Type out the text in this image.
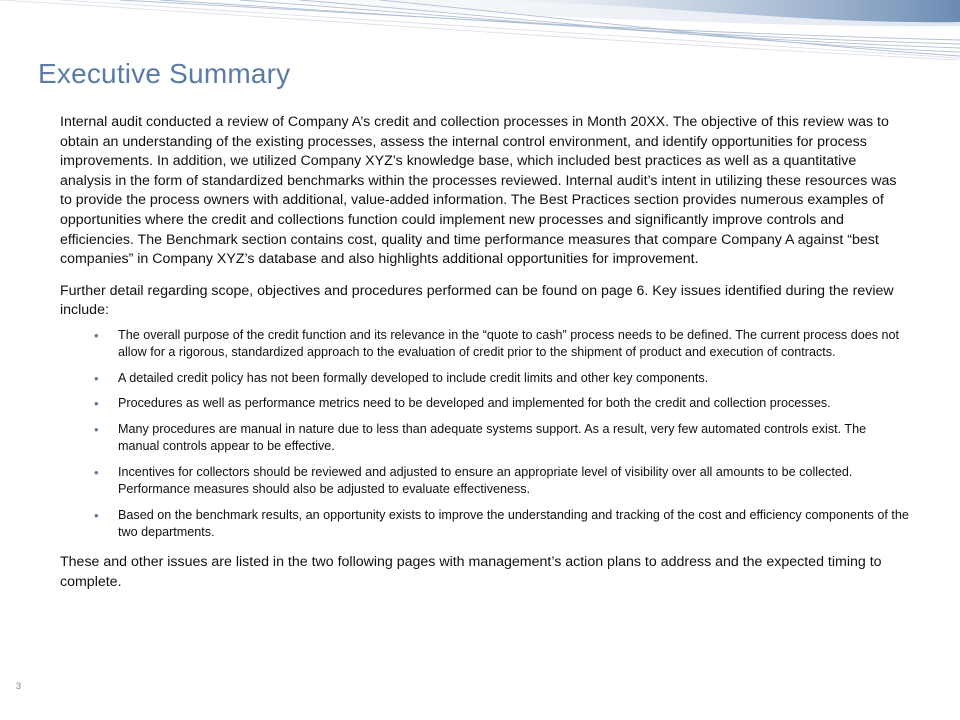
Executive Summary

Internal audit conducted a review of Company A’s credit and collection processes in Month 20XX. The objective of this review was to obtain an understanding of the existing processes, assess the internal control environment, and identify opportunities for process improvements. In addition, we utilized Company XYZ’s knowledge base, which included best practices as well as a quantitative analysis in the form of standardized benchmarks within the processes reviewed. Internal audit’s intent in utilizing these resources was to provide the process owners with additional, value-added information. The Best Practices section provides numerous examples of opportunities where the credit and collections function could implement new processes and significantly improve controls and efficiencies. The Benchmark section contains cost, quality and time performance measures that compare Company A against “best companies” in Company XYZ’s database and also highlights additional opportunities for improvement.

Further detail regarding scope, objectives and procedures performed can be found on page 6. Key issues identified during the review include:

• The overall purpose of the credit function and its relevance in the “quote to cash” process needs to be defined. The current process does not allow for a rigorous, standardized approach to the evaluation of credit prior to the shipment of product and execution of contracts.
• A detailed credit policy has not been formally developed to include credit limits and other key components.
• Procedures as well as performance metrics need to be developed and implemented for both the credit and collection processes.
• Many procedures are manual in nature due to less than adequate systems support. As a result, very few automated controls exist. The manual controls appear to be effective.
• Incentives for collectors should be reviewed and adjusted to ensure an appropriate level of visibility over all amounts to be collected. Performance measures should also be adjusted to evaluate effectiveness.
• Based on the benchmark results, an opportunity exists to improve the understanding and tracking of the cost and efficiency components of the two departments.

These and other issues are listed in the two following pages with management’s action plans to address and the expected timing to complete.

3
